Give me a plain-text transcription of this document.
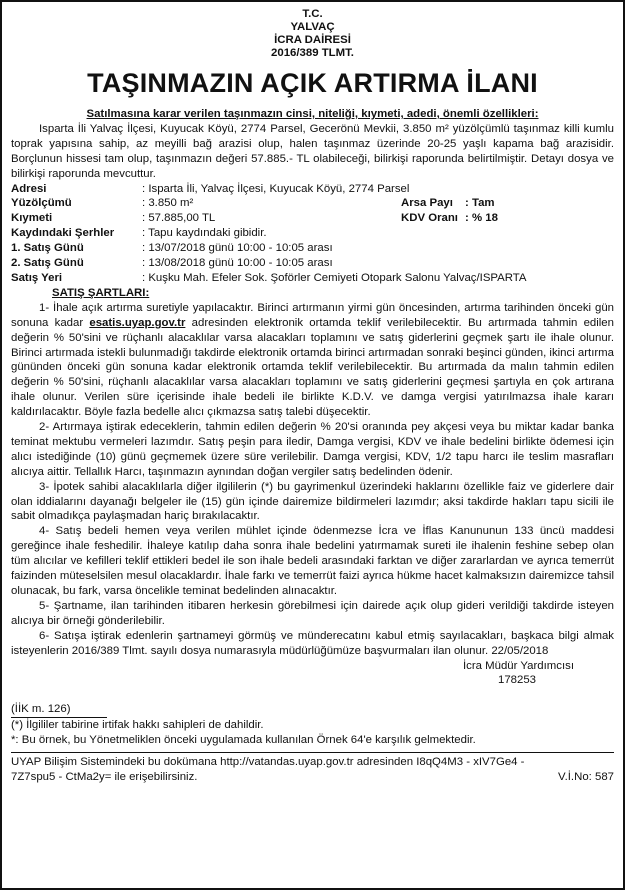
T.C.
YALVAÇ
İCRA DAİRESİ
2016/389 TLMT.
TAŞINMAZIN AÇIK ARTIRMA İLANI
Satılmasına karar verilen taşınmazın cinsi, niteliği, kıymeti, adedi, önemli özellikleri:

Isparta İli Yalvaç İlçesi, Kuyucak Köyü, 2774 Parsel, Gecerönü Mevkii, 3.850 m² yüzölçümlü taşınmaz killi kumlu toprak yapısına sahip, az meyilli bağ arazisi olup, halen taşınmaz üzerinde 20-25 yaşlı kapama bağ arazisidir. Borçlunun hissesi tam olup, taşınmazın değeri 57.885.- TL olabileceği, bilirkişi raporunda belirtilmiştir. Detayı dosya ve bilirkişi raporunda mevcuttur.

Adresi	: Isparta İli, Yalvaç İlçesi, Kuyucak Köyü, 2774 Parsel		
Yüzölçümü	: 3.850 m²	Arsa Payı	: Tam
Kıymeti	: 57.885,00 TL	KDV Oranı	: % 18
Kaydındaki Şerhler	: Tapu kaydındaki gibidir.		
1. Satış Günü	: 13/07/2018 günü 10:00 - 10:05 arası		
2. Satış Günü	: 13/08/2018 günü 10:00 - 10:05 arası		
Satış Yeri	: Kuşku Mah. Efeler Sok. Şoförler Cemiyeti Otopark Salonu Yalvaç/ISPARTA		
SATIŞ ŞARTLARI:

1- İhale açık artırma suretiyle yapılacaktır. Birinci artırmanın yirmi gün öncesinden, artırma tarihinden önceki gün sonuna kadar esatis.uyap.gov.tr adresinden elektronik ortamda teklif verilebilecektir. Bu artırmada tahmin edilen değerin % 50'sini ve rüçhanlı alacaklılar varsa alacakları toplamını ve satış giderlerini geçmek şartı ile ihale olunur. Birinci artırmada istekli bulunmadığı takdirde elektronik ortamda birinci artırmadan sonraki beşinci günden, ikinci artırma gününden önceki gün sonuna kadar elektronik ortamda teklif verilebilecektir. Bu artırmada da malın tahmin edilen değerin % 50'sini, rüçhanlı alacaklılar varsa alacakları toplamını ve satış giderlerini geçmesi şartıyla en çok artırana ihale olunur. Verilen süre içerisinde ihale bedeli ile birlikte K.D.V. ve damga vergisi yatırılmazsa ihale kararı kaldırılacaktır. Böyle fazla bedelle alıcı çıkmazsa satış talebi düşecektir.

2- Artırmaya iştirak edeceklerin, tahmin edilen değerin % 20'si oranında pey akçesi veya bu miktar kadar banka teminat mektubu vermeleri lazımdır. Satış peşin para iledir, Damga vergisi, KDV ve ihale bedelini birlikte ödemesi için alıcı istediğinde (10) günü geçmemek üzere süre verilebilir. Damga vergisi, KDV, 1/2 tapu harcı ile teslim masrafları alıcıya aittir. Tellallık Harcı, taşınmazın aynından doğan vergiler satış bedelinden ödenir.

3- İpotek sahibi alacaklılarla diğer ilgililerin (*) bu gayrimenkul üzerindeki haklarını özellikle faiz ve giderlere dair olan iddialarını dayanağı belgeler ile (15) gün içinde dairemize bildirmeleri lazımdır; aksi takdirde hakları tapu sicili ile sabit olmadıkça paylaşmadan hariç bırakılacaktır.

4- Satış bedeli hemen veya verilen mühlet içinde ödenmezse İcra ve İflas Kanununun 133 üncü maddesi gereğince ihale feshedilir. İhaleye katılıp daha sonra ihale bedelini yatırmamak sureti ile ihalenin feshine sebep olan tüm alıcılar ve kefilleri teklif ettikleri bedel ile son ihale bedeli arasındaki farktan ve diğer zararlardan ve ayrıca temerrüt faizinden müteselsilen mesul olacaklardır. İhale farkı ve temerrüt faizi ayrıca hükme hacet kalmaksızın dairemizce tahsil olunacak, bu fark, varsa öncelikle teminat bedelinden alınacaktır.

5- Şartname, ilan tarihinden itibaren herkesin görebilmesi için dairede açık olup gideri verildiği takdirde isteyen alıcıya bir örneği gönderilebilir.

6- Satışa iştirak edenlerin şartnameyi görmüş ve münderecatını kabul etmiş sayılacakları, başkaca bilgi almak isteyenlerin 2016/389 Tlmt. sayılı dosya numarasıyla müdürlüğümüze başvurmaları ilan olunur. 22/05/2018

İcra Müdür Yardımcısı
178253
(İİK m. 126)
(*) İlgililer tabirine irtifak hakkı sahipleri de dahildir.
*: Bu örnek, bu Yönetmeliklen önceki uygulamada kullanılan Örnek 64'e karşılık gelmektedir.
UYAP Bilişim Sistemindeki bu dokümana http://vatandas.uyap.gov.tr adresinden I8qQ4M3 - xIV7Ge4 -
7Z7spu5 - CtMa2y= ile erişebilirsiniz.	V.İ.No: 587
